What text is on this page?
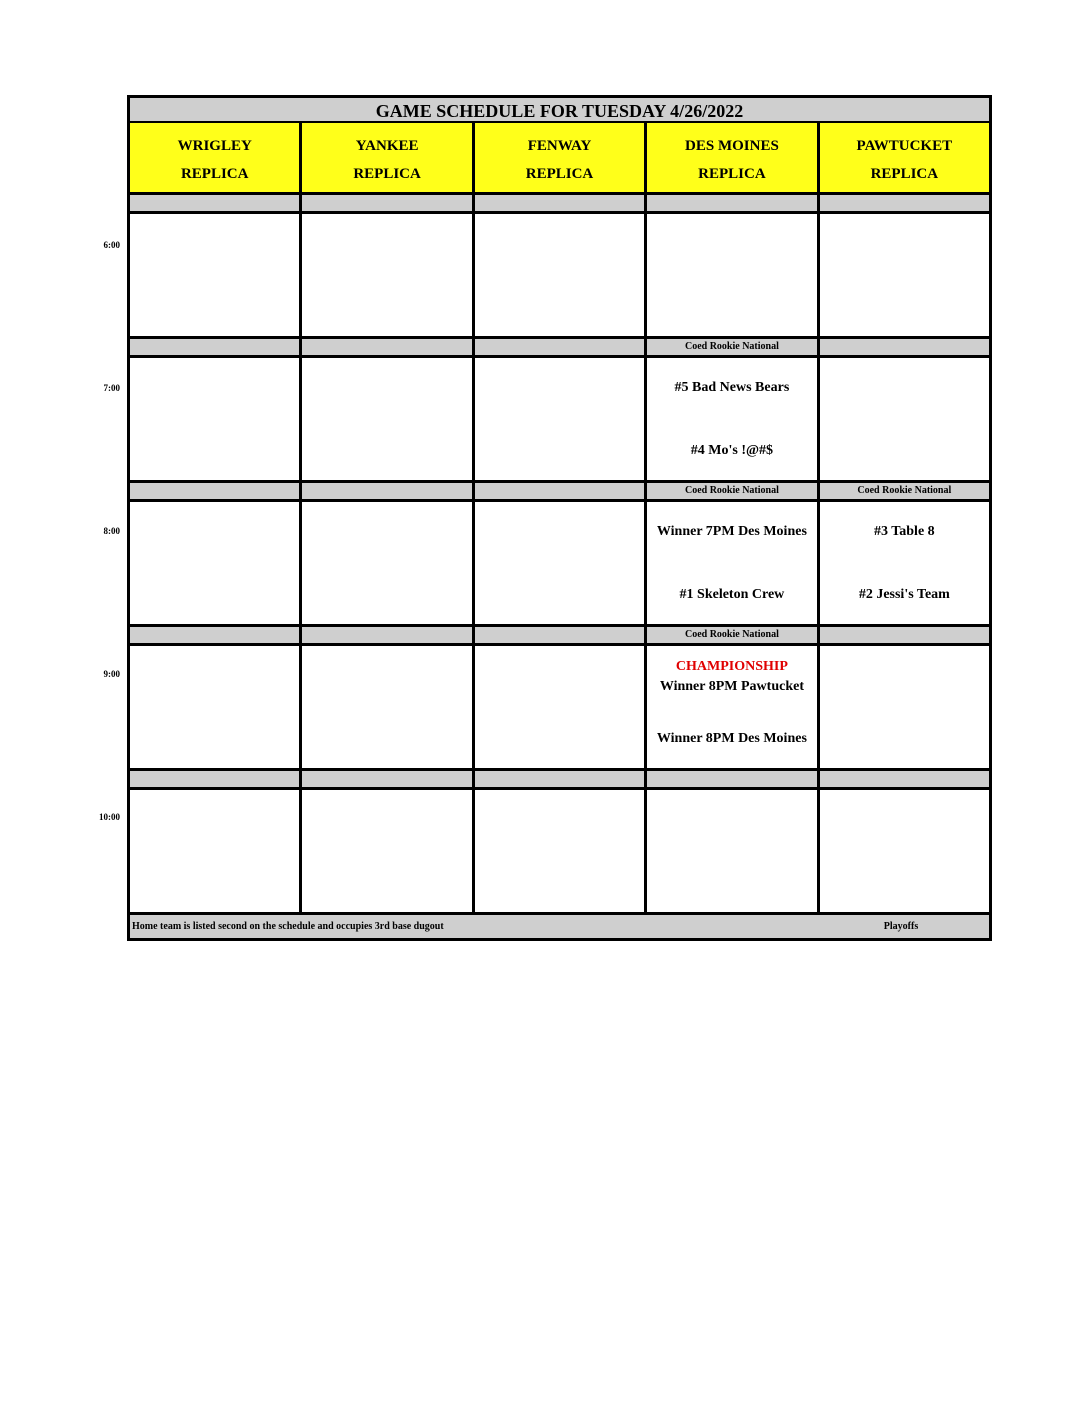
6:00
7:00
8:00
9:00
10:00
GAME SCHEDULE FOR TUESDAY 4/26/2022
WRIGLEY
REPLICA
YANKEE
REPLICA
FENWAY
REPLICA
DES MOINES
REPLICA
PAWTUCKET
REPLICA
Coed Rookie National
#5 Bad News Bears
#4 Mo's !@#$
Coed Rookie National	Coed Rookie National
Winner 7PM Des Moines
#1 Skeleton Crew
#3 Table 8
#2 Jessi's Team
Coed Rookie National
CHAMPIONSHIP
Winner 8PM Pawtucket
Winner 8PM Des Moines
Home team is listed second on the schedule and occupies 3rd base dugout	Playoffs
